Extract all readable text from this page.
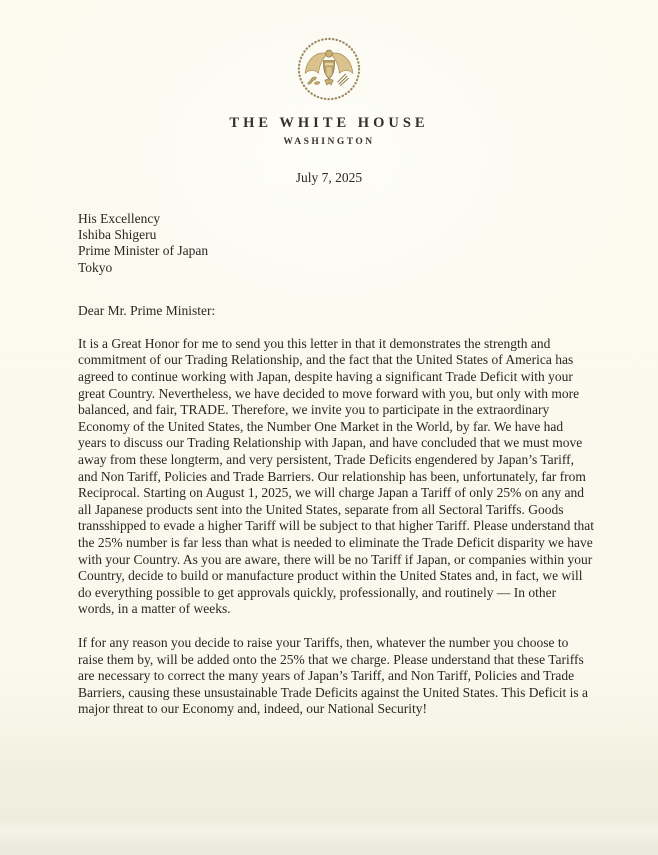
THE WHITE HOUSE
WASHINGTON
July 7, 2025
His Excellency
Ishiba Shigeru
Prime Minister of Japan
Tokyo
Dear Mr. Prime Minister:

It is a Great Honor for me to send you this letter in that it demonstrates the strength and commitment of our Trading Relationship, and the fact that the United States of America has agreed to continue working with Japan, despite having a significant Trade Deficit with your great Country. Nevertheless, we have decided to move forward with you, but only with more balanced, and fair, TRADE. Therefore, we invite you to participate in the extraordinary Economy of the United States, the Number One Market in the World, by far. We have had years to discuss our Trading Relationship with Japan, and have concluded that we must move away from these longterm, and very persistent, Trade Deficits engendered by Japan’s Tariff, and Non Tariff, Policies and Trade Barriers. Our relationship has been, unfortunately, far from Reciprocal. Starting on August 1, 2025, we will charge Japan a Tariff of only 25% on any and all Japanese products sent into the United States, separate from all Sectoral Tariffs. Goods transshipped to evade a higher Tariff will be subject to that higher Tariff. Please understand that the 25% number is far less than what is needed to eliminate the Trade Deficit disparity we have with your Country. As you are aware, there will be no Tariff if Japan, or companies within your Country, decide to build or manufacture product within the United States and, in fact, we will do everything possible to get approvals quickly, professionally, and routinely — In other words, in a matter of weeks.

If for any reason you decide to raise your Tariffs, then, whatever the number you choose to raise them by, will be added onto the 25% that we charge. Please understand that these Tariffs are necessary to correct the many years of Japan’s Tariff, and Non Tariff, Policies and Trade Barriers, causing these unsustainable Trade Deficits against the United States. This Deficit is a major threat to our Economy and, indeed, our National Security!
